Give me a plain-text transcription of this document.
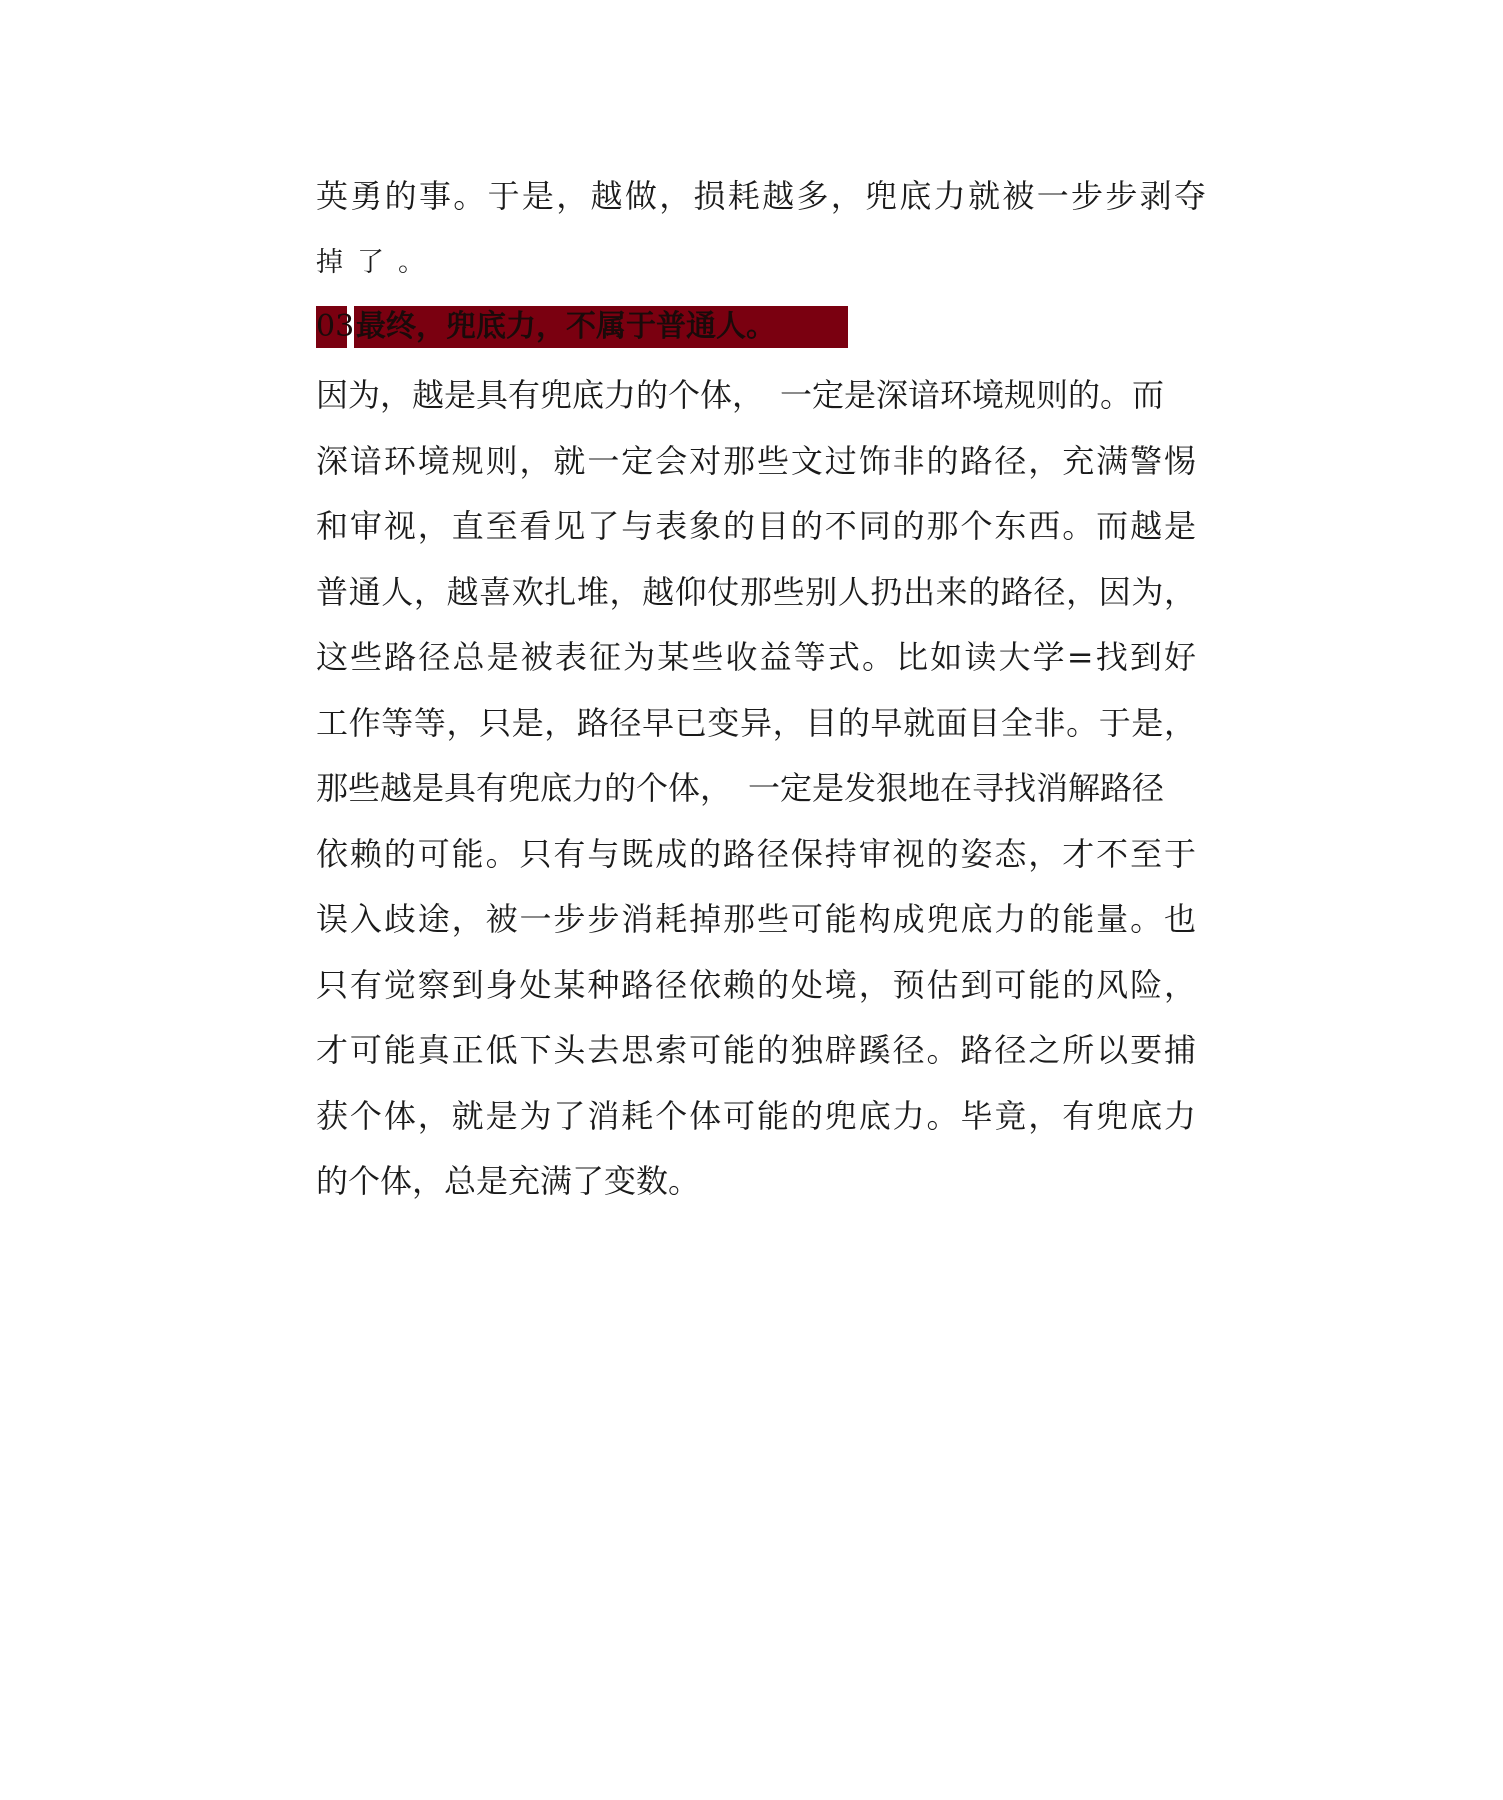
英勇的事。于是，越做，损耗越多，兜底力就被一步步剥夺
掉了。
03 最终，兜底力，不属于普通人。
因为，越是具有兜底力的个体，　一定是深谙环境规则的。而
深谙环境规则，就一定会对那些文过饰非的路径，充满警惕
和审视，直至看见了与表象的目的不同的那个东西。而越是
普通人，越喜欢扎堆，越仰仗那些别人扔出来的路径，因为，
这些路径总是被表征为某些收益等式。比如读大学=找到好
工作等等，只是，路径早已变异，目的早就面目全非。于是，
那些越是具有兜底力的个体，　一定是发狠地在寻找消解路径
依赖的可能。只有与既成的路径保持审视的姿态，才不至于
误入歧途，被一步步消耗掉那些可能构成兜底力的能量。也
只有觉察到身处某种路径依赖的处境，预估到可能的风险，
才可能真正低下头去思索可能的独辟蹊径。路径之所以要捕
获个体，就是为了消耗个体可能的兜底力。毕竟，有兜底力
的个体，总是充满了变数。
